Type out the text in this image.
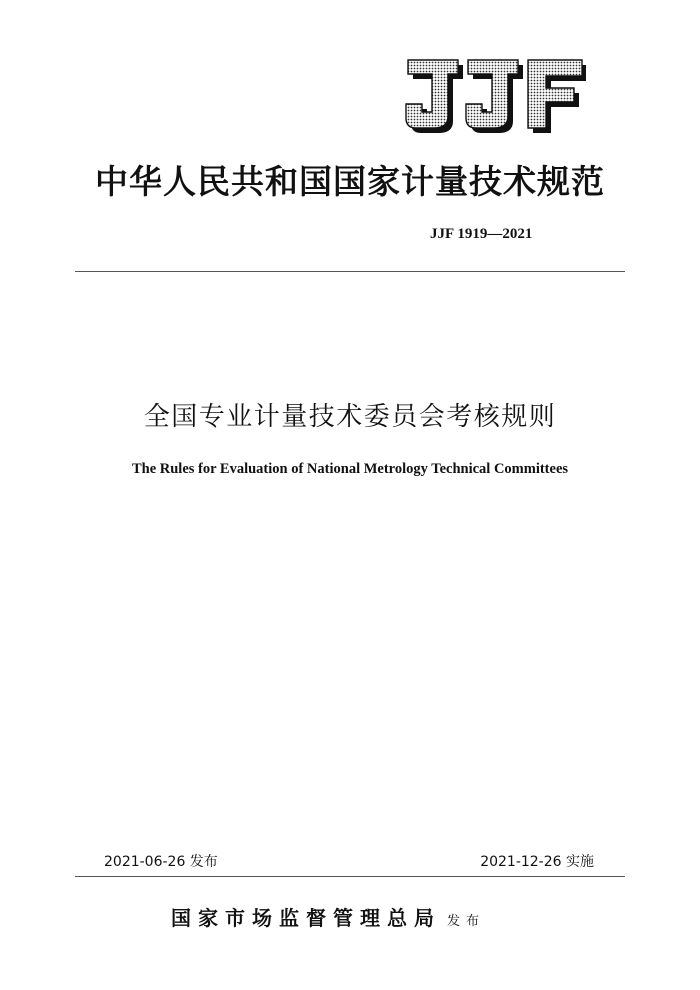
中华人民共和国国家计量技术规范
JJF 1919—2021
全国专业计量技术委员会考核规则
The Rules for Evaluation of National Metrology Technical Committees
2021-06-26 发布	2021-12-26 实施
国家市场监督管理总局 发布
